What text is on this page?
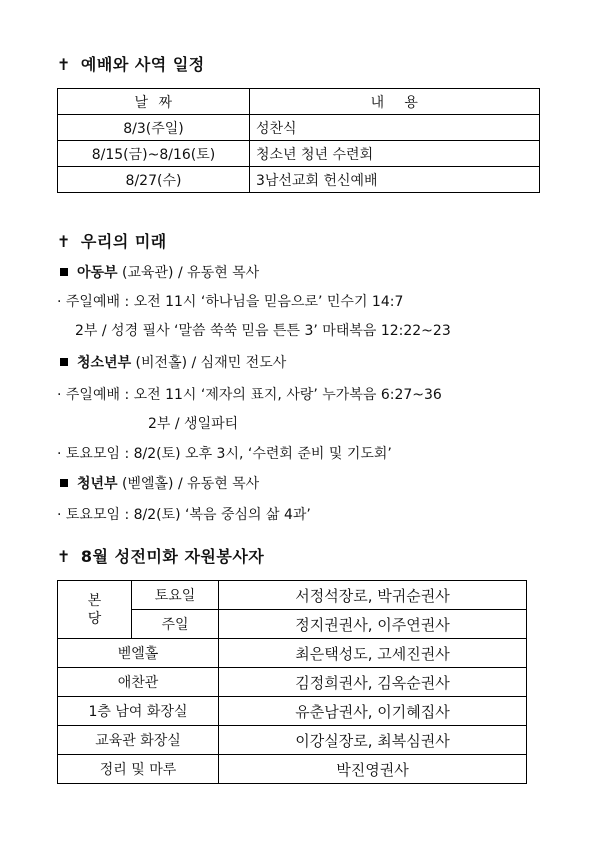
✝ 예배와 사역 일정
날  짜	내    용
8/3(주일)	성찬식
8/15(금)~8/16(토)	청소년 청년 수련회
8/27(수)	3남선교회 헌신예배
✝ 우리의 미래
아동부 (교육관) / 유동현 목사
· 주일예배 : 오전 11시 ‘하나님을 믿음으로’ 민수기 14:7
2부 / 성경 필사 ‘말씀 쑥쑥 믿음 튼튼 3’ 마태복음 12:22~23
청소년부 (비전홀) / 심재민 전도사
· 주일예배 : 오전 11시 ‘제자의 표지, 사랑’ 누가복음 6:27~36
2부 / 생일파티
· 토요모임 : 8/2(토) 오후 3시, ‘수련회 준비 및 기도회’
청년부 (벧엘홀) / 유동현 목사
· 토요모임 : 8/2(토) ‘복음 중심의 삶 4과’
✝ 8월 성전미화 자원봉사자
본
당	토요일	서정석장로, 박귀순권사
	주일	정지권권사, 이주연권사
벧엘홀		최은택성도, 고세진권사
애찬관		김정희권사, 김옥순권사
1층 남여 화장실		유춘남권사, 이기혜집사
교육관 화장실		이강실장로, 최복심권사
정리 및 마루		박진영권사
